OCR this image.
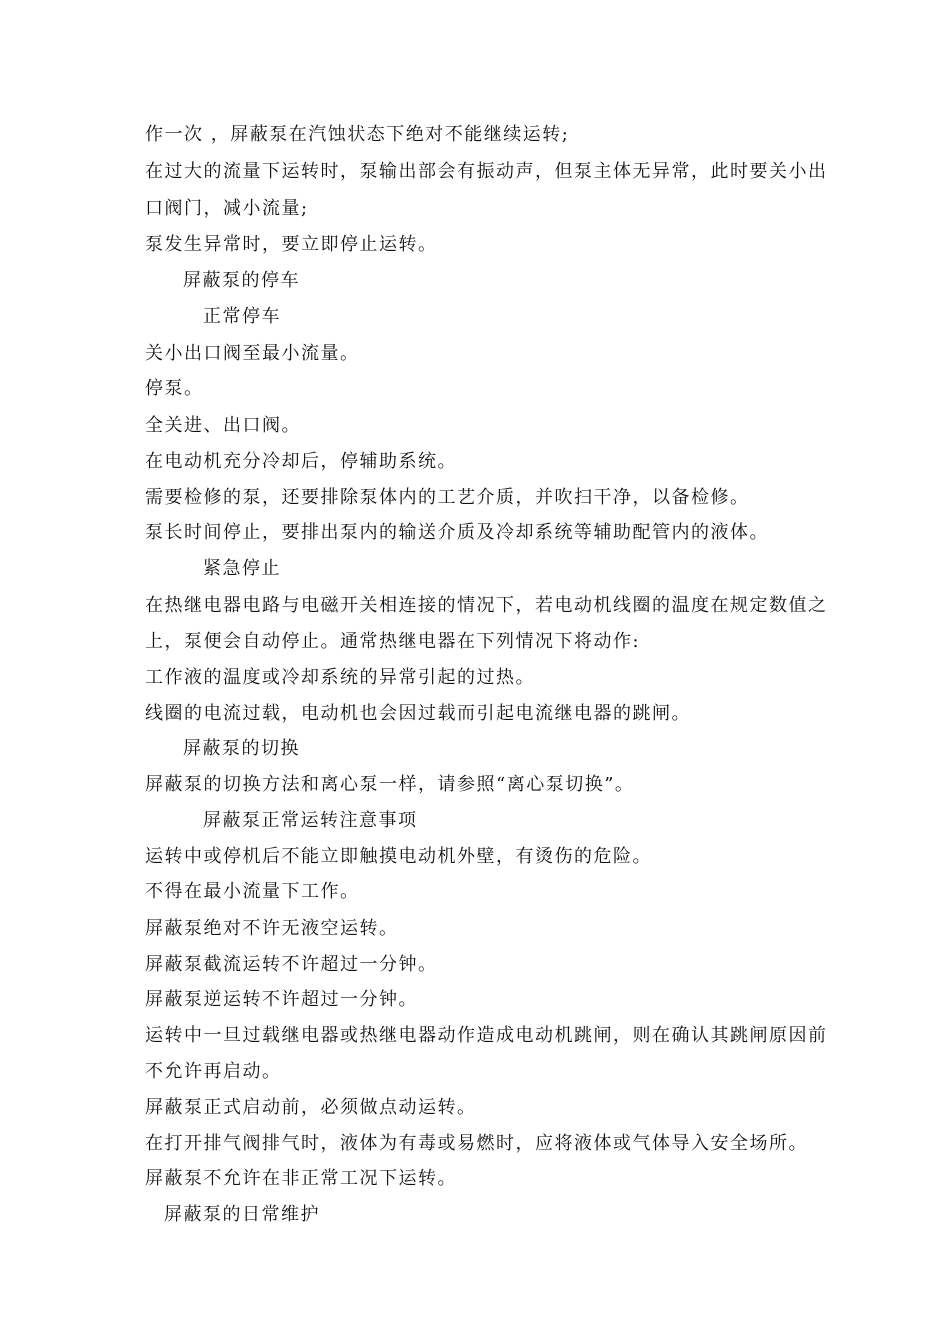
作一次 ，屏蔽泵在汽蚀状态下绝对不能继续运转;
在过大的流量下运转时，泵输出部会有振动声，但泵主体无异常，此时要关小出
口阀门，减小流量;
泵发生异常时，要立即停止运转。
屏蔽泵的停车
正常停车
关小出口阀至最小流量。
停泵。
全关进、出口阀。
在电动机充分冷却后，停辅助系统。
需要检修的泵，还要排除泵体内的工艺介质，并吹扫干净，以备检修。
泵长时间停止，要排出泵内的输送介质及冷却系统等辅助配管内的液体。
紧急停止
在热继电器电路与电磁开关相连接的情况下，若电动机线圈的温度在规定数值之
上，泵便会自动停止。通常热继电器在下列情况下将动作:
工作液的温度或冷却系统的异常引起的过热。
线圈的电流过载，电动机也会因过载而引起电流继电器的跳闸。
屏蔽泵的切换
屏蔽泵的切换方法和离心泵一样，请参照“离心泵切换”。
屏蔽泵正常运转注意事项
运转中或停机后不能立即触摸电动机外壁，有烫伤的危险。
不得在最小流量下工作。
屏蔽泵绝对不许无液空运转。
屏蔽泵截流运转不许超过一分钟。
屏蔽泵逆运转不许超过一分钟。
运转中一旦过载继电器或热继电器动作造成电动机跳闸，则在确认其跳闸原因前
不允许再启动。
屏蔽泵正式启动前，必须做点动运转。
在打开排气阀排气时，液体为有毒或易燃时，应将液体或气体导入安全场所。
屏蔽泵不允许在非正常工况下运转。
屏蔽泵的日常维护
